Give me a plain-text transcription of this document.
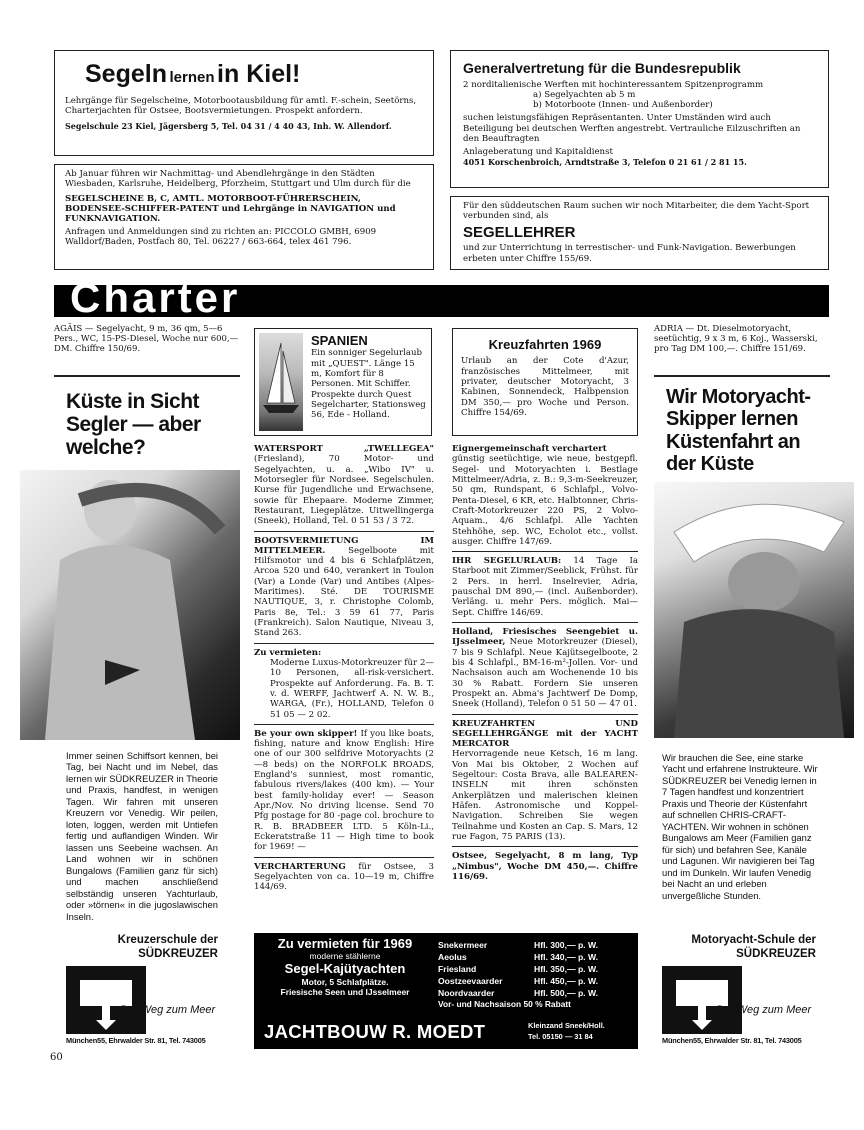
Segeln lernen in Kiel!

Lehrgänge für Segelscheine, Motorbootausbildung für amtl. F.-schein, Seetörns, Charterjachten für Ostsee, Bootsvermietungen. Prospekt anfordern.

Segelschule 23 Kiel, Jägersberg 5, Tel. 04 31 / 4 40 43, Inh. W. Allendorf.

Ab Januar führen wir Nachmittag- und Abendlehrgänge in den Städten Wiesbaden, Karlsruhe, Heidelberg, Pforzheim, Stuttgart und Ulm durch für die

SEGELSCHEINE B, C, AMTL. MOTORBOOT-FÜHRERSCHEIN, BODENSEE-SCHIFFER-PATENT und Lehrgänge in NAVIGATION und FUNKNAVIGATION.

Anfragen und Anmeldungen sind zu richten an: PICCOLO GMBH, 6909 Walldorf/Baden, Postfach 80, Tel. 06227 / 663-664, telex 461 796.

Generalvertretung für die Bundesrepublik

2 norditalienische Werften mit hochinteressantem Spitzenprogramm

a) Segelyachten ab 5 m

b) Motorboote (Innen- und Außenborder)

suchen leistungsfähigen Repräsentanten. Unter Umständen wird auch Beteiligung bei deutschen Werften angestrebt. Vertrauliche Eilzuschriften an den Beauftragten

Anlageberatung und Kapitaldienst

4051 Korschenbroich, Arndtstraße 3, Telefon 0 21 61 / 2 81 15.

Für den süddeutschen Raum suchen wir noch Mitarbeiter, die dem Yacht-Sport verbunden sind, als

SEGELLEHRER

und zur Unterrichtung in terrestischer- und Funk-Navigation. Bewerbungen erbeten unter Chiffre 155/69.

Charter

AGÄIS — Segelyacht, 9 m, 36 qm, 5—6 Pers., WC, 15-PS-Diesel, Woche nur 600,— DM. Chiffre 150/69.

SPANIEN

Ein sonniger Segelurlaub mit „QUEST". Länge 15 m, Komfort für 8 Personen. Mit Schiffer. Prospekte durch Quest Segelcharter, Stationsweg 56, Ede - Holland.

Kreuzfahrten 1969

Urlaub an der Cote d'Azur, französisches Mittelmeer, mit privater, deutscher Motoryacht, 3 Kabinen, Sonnendeck, Halbpension DM 350,— pro Woche und Person. Chiffre 154/69.

ADRIA — Dt. Dieselmotoryacht, seetüchtig, 9 x 3 m, 6 Koj., Wasserski, pro Tag DM 100,—. Chiffre 151/69.

Küste in Sicht Segler — aber welche?

Immer seinen Schiffsort kennen, bei Tag, bei Nacht und im Nebel, das lernen wir SÜDKREUZER in Theorie und Praxis, handfest, in wenigen Tagen. Wir fahren mit unseren Kreuzern vor Venedig. Wir peilen, loten, loggen, werden mit Untiefen fertig und auflandigen Winden. Wir lassen uns Seebeine wachsen. An Land wohnen wir in schönen Bungalows (Familien ganz für sich) und machen anschließend selbständig unseren Yachturlaub, oder »törnen« in die jugoslawischen Inseln.

Kreuzerschule der SÜDKREUZER
Der Weg zum Meer
München55, Ehrwalder Str. 81, Tel. 743005

WATERSPORT „TWELLEGEA" (Friesland), 70 Motor- und Segelyachten, u. a. „Wibo IV" u. Motorsegler für Nordsee. Segelschulen. Kurse für Jugendliche und Erwachsene, sowie für Ehepaare. Moderne Zimmer, Restaurant, Liegeplätze. Uitwellingerga (Sneek), Holland, Tel. 0 51 53 / 3 72.

BOOTSVERMIETUNG IM MITTELMEER.	Segelboote mit Hilfsmotor und 4 bis 6 Schlafplätzen, Arcoa 520 und 640, verankert in Toulon (Var) a Londe (Var) und Antibes (Alpes-Maritimes). Sté. DE TOURISME NAUTIQUE, 3, r. Christophe Colomb, Paris 8e, Tel.: 3 59 61 77, Paris (Frankreich). Salon Nautique, Niveau 3, Stand 263.

Zu vermieten:

Moderne Luxus-Motorkreuzer für 2—10 Personen, all-risk-versichert. Prospekte auf Anforderung. Fa. B. T. v. d. WERFF, Jachtwerf A. N. W. B., WARGA, (Fr.), HOLLAND, Telefon 0 51 05 — 2 02.

Be your own skipper! If you like boats, fishing, nature and know English: Hire one of our 300 selfdrive Motoryachts (2—8 beds) on the NORFOLK BROADS, England's sunniest, most romantic, fabulous rivers/lakes (400 km). — Your best family-holiday ever! — Season Apr./Nov. No driving license. Send 70 Pfg postage for 80 -page col. brochure to R. B. BRADBEER LTD. 5 Köln-Li., Eckeratstraße 11 — High time to book for 1969! —

VERCHARTERUNG für Ostsee, 3 Segelyachten von ca. 10—19 m, Chiffre 144/69.

Eignergemeinschaft verchartert

günstig seetüchtige, wie neue, bestgepfl. Segel- und Motoryachten i. Bestlage Mittelmeer/Adria, z. B.: 9,3-m-Seekreuzer, 50 qm, Rundspant, 6 Schlafpl., Volvo-Penta-Diesel, 6 KR, etc. Halbtonner, Chris-Craft-Motorkreuzer 220 PS, 2 Volvo-Aquam., 4/6 Schlafpl. Alle Yachten Stehhöhe, sep. WC, Echolot etc., vollst. ausger. Chiffre 147/69.

IHR SEGELURLAUB: 14 Tage Ia Starboot mit Zimmer/Seeblick, Frühst. für 2 Pers. in herrl. Inselrevier, Adria, pauschal DM 890,— (incl. Außenborder). Verläng. u. mehr Pers. möglich. Mai—Sept. Chiffre 146/69.

Holland, Friesisches Seengebiet u. IJsselmeer, Neue Motorkreuzer (Diesel), 7 bis 9 Schlafpl. Neue Kajütsegelboote, 2 bis 4 Schlafpl., BM-16-m²-Jollen. Vor- und Nachsaison auch am Wochenende 10 bis 30 % Rabatt. Fordern Sie unseren Prospekt an. Abma's Jachtwerf De Domp, Sneek (Holland), Telefon 0 51 50 — 47 01.

KREUZFAHRTEN UND SEGELLEHRGÄNGE mit der YACHT MERCATOR

Hervorragende neue Ketsch, 16 m lang. Von Mai bis Oktober, 2 Wochen auf Segeltour: Costa Brava, alle BALEAREN-INSELN mit ihren schönsten Ankerplätzen und malerischen kleinen Häfen. Astronomische und Koppel-Navigation. Schreiben Sie wegen Teilnahme und Kosten an Cap. S. Mars, 12 rue Fagon, 75 PARIS (13).

Ostsee, Segelyacht, 8 m lang, Typ „Nimbus", Woche DM 450,—. Chiffre 116/69.

Wir Motoryacht-Skipper lernen Küstenfahrt an der Küste

Wir brauchen die See, eine starke Yacht und erfahrene Instrukteure. Wir SÜDKREUZER bei Venedig lernen in 7 Tagen handfest und konzentriert Praxis und Theorie der Küstenfahrt auf schnellen CHRIS-CRAFT-YACHTEN. Wir wohnen in schönen Bungalows am Meer (Familien ganz für sich) und befahren See, Kanäle und Lagunen. Wir navigieren bei Tag und im Dunkeln. Wir laufen Venedig bei Nacht an und erleben unvergeßliche Stunden.

Motoryacht-Schule der SÜDKREUZER
Der Weg zum Meer
München55, Ehrwalder Str. 81, Tel. 743005
Zu vermieten für 1969
moderne stählerne
Segel-Kajütyachten
Motor, 5 Schlafplätze.
Friesische Seen und IJsselmeer
Snekermeer	Hfl. 300,— p. W.
Aeolus	Hfl. 340,— p. W.
Friesland	Hfl. 350,— p. W.
Oostzeevaarder	Hfl. 450,— p. W.
Noordvaarder	Hfl. 500,— p. W.
Vor- und Nachsaison 50 % Rabatt
JACHTBOUW R. MOEDT	Kleinzand Sneek/Holl.
Tel. 05150 — 31 84
60
